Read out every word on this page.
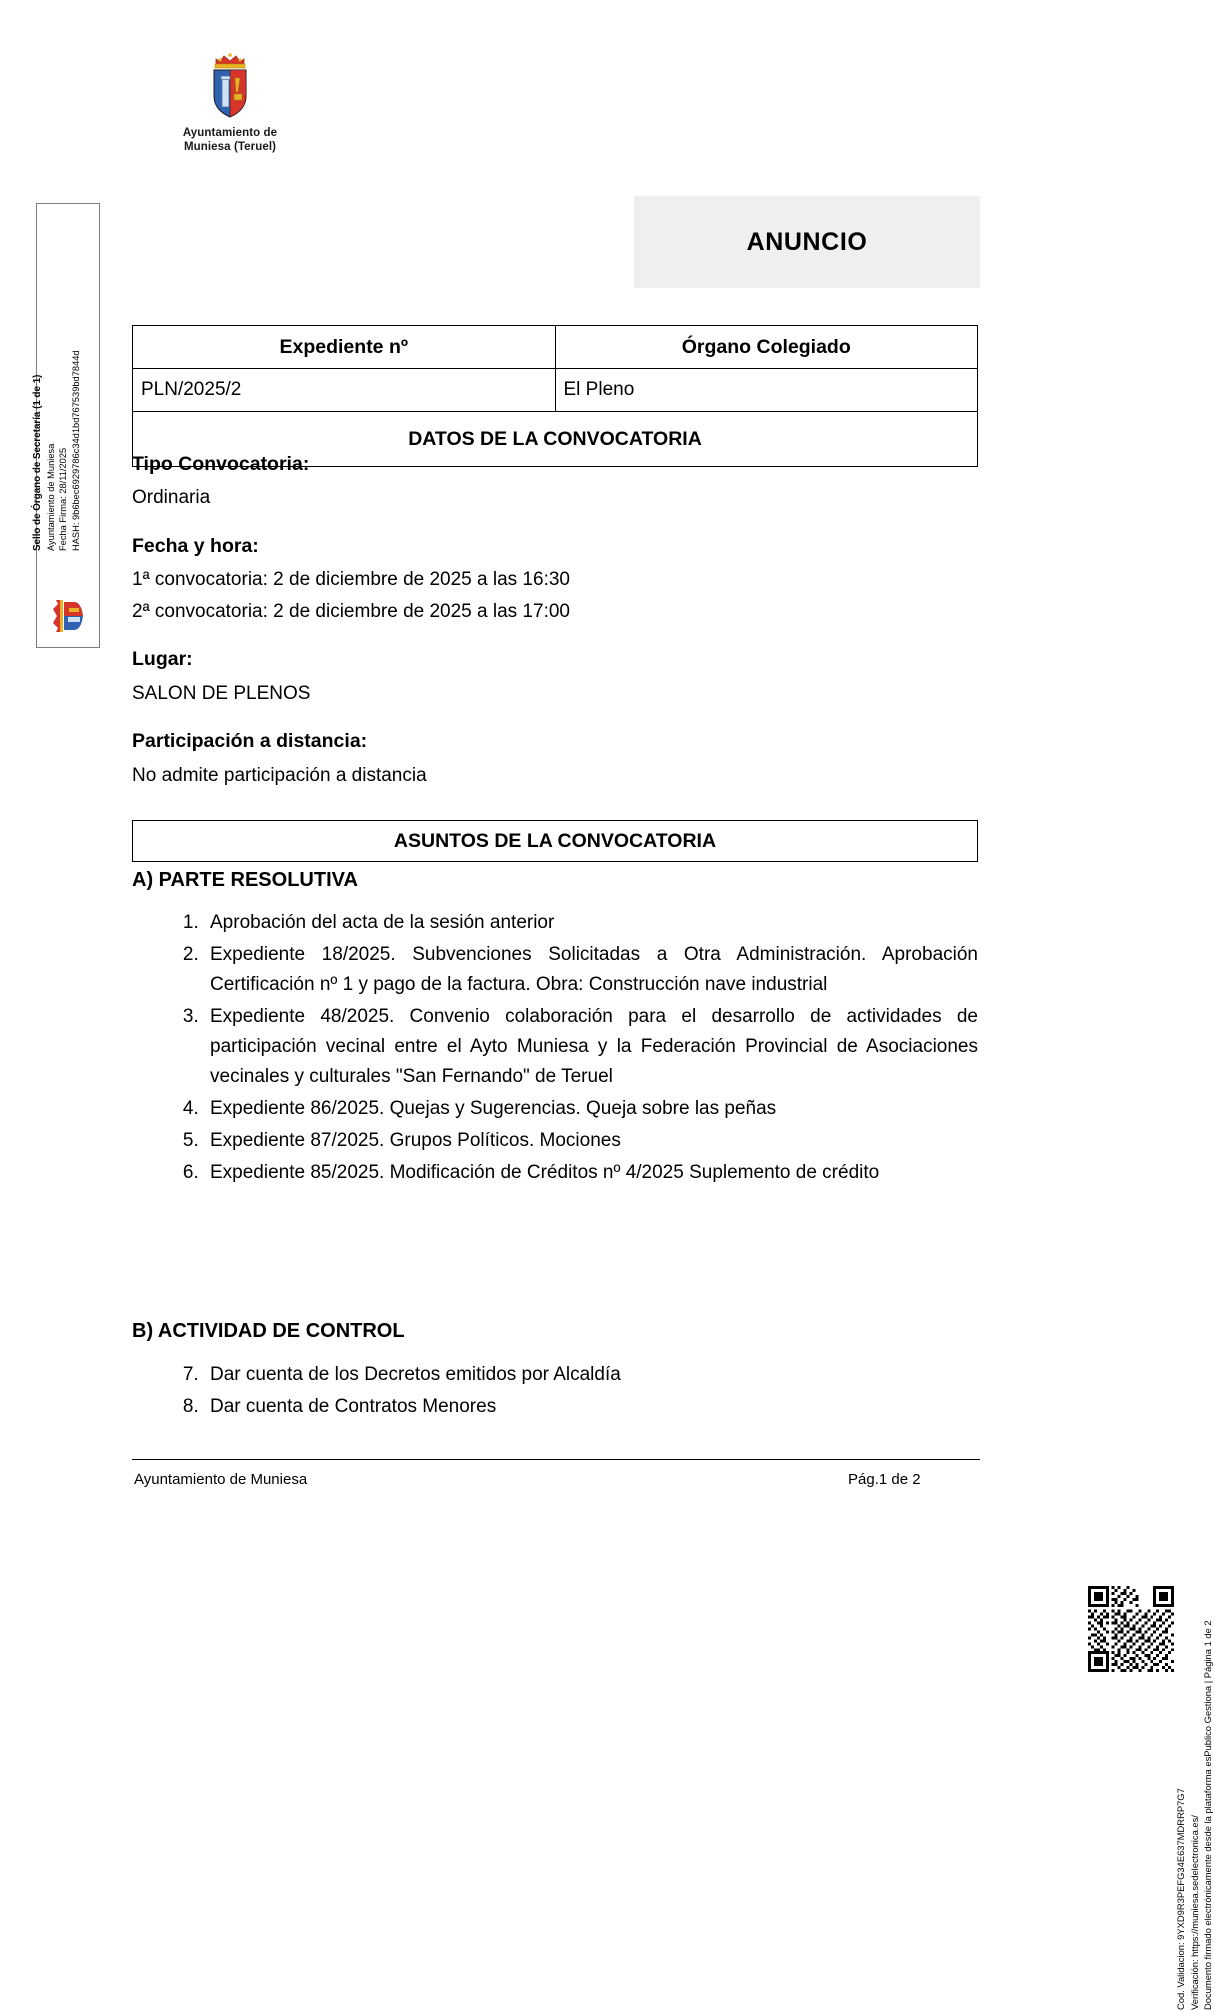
Ayuntamiento de
Muniesa (Teruel)
Sello de Órgano de Secretaría (1 de 1) Ayuntamiento de Muniesa Fecha Firma: 28/11/2025 HASH: 9b6bec6929786c34d1bd767539bd7844d
Cod. Validacion: 9YXD9R3PEFG34E637MDRRP7G7 Verificación: https://muniesa.sedelectronica.es/ Documento firmado electrónicamente desde la plataforma esPublico Gestiona | Página 1 de 2
ANUNCIO
Expediente nº	Órgano Colegiado
PLN/2025/2	El Pleno
DATOS DE LA CONVOCATORIA	

Tipo Convocatoria:

Ordinaria

Fecha y hora:

1ª convocatoria: 2 de diciembre de 2025 a las 16:30

2ª convocatoria: 2 de diciembre de 2025 a las 17:00

Lugar:

SALON DE PLENOS

Participación a distancia:

No admite participación a distancia

ASUNTOS DE LA CONVOCATORIA
A) PARTE RESOLUTIVA
1. Aprobación del acta de la sesión anterior
2. Expediente 18/2025. Subvenciones Solicitadas a Otra Administración. Aprobación Certificación nº 1 y pago de la factura. Obra: Construcción nave industrial
3. Expediente 48/2025. Convenio colaboración para el desarrollo de actividades de participación vecinal entre el Ayto Muniesa y la Federación Provincial de Asociaciones vecinales y culturales "San Fernando" de Teruel
4. Expediente 86/2025. Quejas y Sugerencias. Queja sobre las peñas
5. Expediente 87/2025. Grupos Políticos. Mociones
6. Expediente 85/2025. Modificación de Créditos nº 4/2025 Suplemento de crédito
B) ACTIVIDAD DE CONTROL
7. Dar cuenta de los Decretos emitidos por Alcaldía
8. Dar cuenta de Contratos Menores
Ayuntamiento de Muniesa	Pág.1 de 2
